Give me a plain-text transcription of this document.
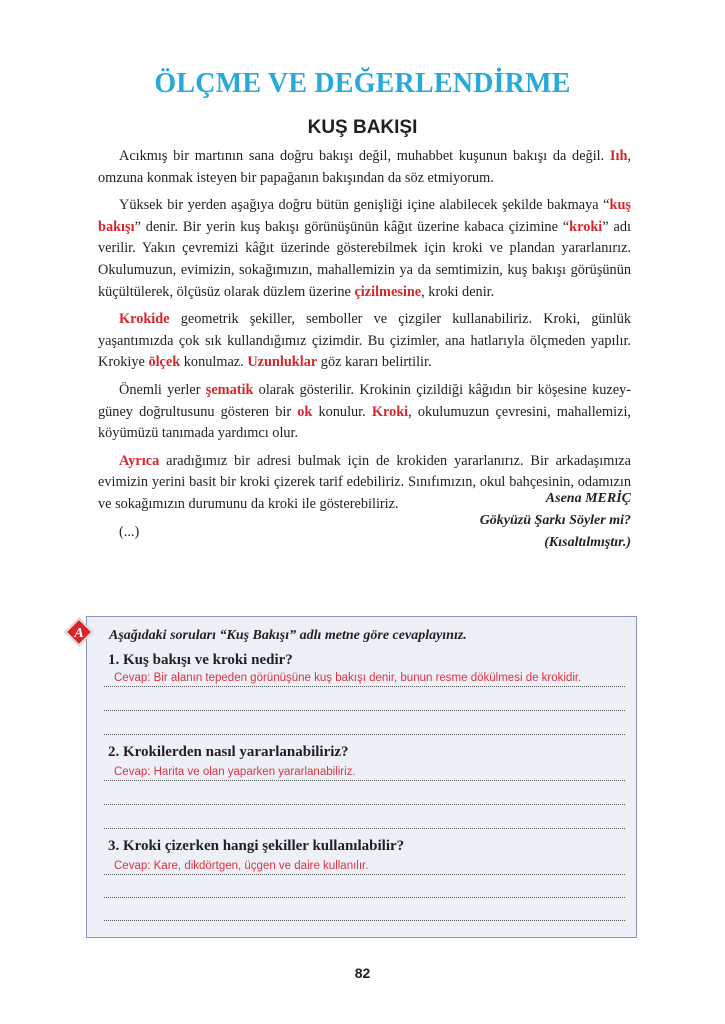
ÖLÇME VE DEĞERLENDİRME
KUŞ BAKIŞI

Acıkmış bir martının sana doğru bakışı değil, muhabbet kuşunun bakışı da değil. Iıh, omzuna konmak isteyen bir papağanın bakışından da söz etmiyorum.

Yüksek bir yerden aşağıya doğru bütün genişliği içine alabilecek şekilde bakmaya “kuş bakışı” denir. Bir yerin kuş bakışı görünüşünün kâğıt üzerine kabaca çizimine “kroki” adı verilir. Yakın çevremizi kâğıt üzerinde gösterebilmek için kroki ve plandan yararlanırız. Okulumuzun, evimizin, sokağımızın, mahallemizin ya da semtimizin, kuş bakışı görüşünün küçültülerek, ölçüsüz olarak düzlem üzerine çizilmesine, kroki denir.

Krokide geometrik şekiller, semboller ve çizgiler kullanabiliriz. Kroki, günlük yaşantımızda çok sık kullandığımız çizimdir. Bu çizimler, ana hatlarıyla ölçmeden yapılır. Krokiye ölçek konulmaz. Uzunluklar göz kararı belirtilir.

Önemli yerler şematik olarak gösterilir. Krokinin çizildiği kâğıdın bir köşesine kuzey-güney doğrultusunu gösteren bir ok konulur. Kroki, okulumuzun çevresini, mahallemizi, köyümüzü tanımada yardımcı olur.

Ayrıca aradığımız bir adresi bulmak için de krokiden yararlanırız. Bir arkadaşımıza evimizin yerini basit bir kroki çizerek tarif edebiliriz. Sınıfımızın, okul bahçesinin, odamızın ve sokağımızın durumunu da kroki ile gösterebiliriz.

(...)

Asena MERİÇ
Gökyüzü Şarkı Söyler mi?
(Kısaltılmıştır.)
A Aşağıdaki soruları “Kuş Bakışı” adlı metne göre cevaplayınız.
1. Kuş bakışı ve kroki nedir?
Cevap: Bir alanın tepeden görünüşüne kuş bakışı denir, bunun resme dökülmesi de krokidir.
2. Krokilerden nasıl yararlanabiliriz?
Cevap: Harita ve olan yaparken yararlanabiliriz.
3. Kroki çizerken hangi şekiller kullanılabilir?
Cevap: Kare, dikdörtgen, üçgen ve daire kullanılır.
82
